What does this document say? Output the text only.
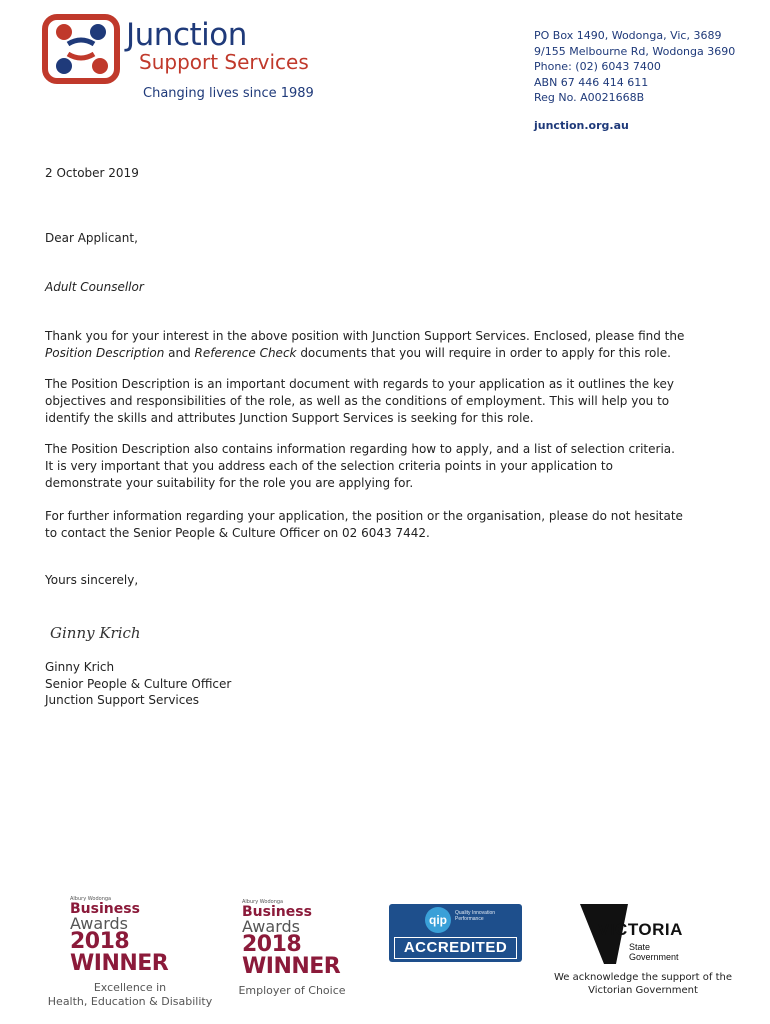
Junction
Support Services
Changing lives since 1989
PO Box 1490, Wodonga, Vic, 3689
9/155 Melbourne Rd, Wodonga 3690
Phone: (02) 6043 7400
ABN 67 446 414 611
Reg No. A0021668B
junction.org.au
2 October 2019
Dear Applicant,
Adult Counsellor
Thank you for your interest in the above position with Junction Support Services. Enclosed, please find the Position Description and Reference Check documents that you will require in order to apply for this role.
The Position Description is an important document with regards to your application as it outlines the key objectives and responsibilities of the role, as well as the conditions of employment. This will help you to identify the skills and attributes Junction Support Services is seeking for this role.
The Position Description also contains information regarding how to apply, and a list of selection criteria. It is very important that you address each of the selection criteria points in your application to demonstrate your suitability for the role you are applying for.
For further information regarding your application, the position or the organisation, please do not hesitate to contact the Senior People & Culture Officer on 02 6043 7442.
Yours sincerely,
Ginny Krich
Ginny Krich
Senior People & Culture Officer
Junction Support Services
Albury Wodonga
Business
Awards
2018
WINNER
Excellence in
Health, Education & Disability
Albury Wodonga
Business
Awards
2018
WINNER
Employer of Choice
qip	Quality Innovation Performance
ACCREDITED
VICTORIA
State
Government
We acknowledge the support of the Victorian Government
